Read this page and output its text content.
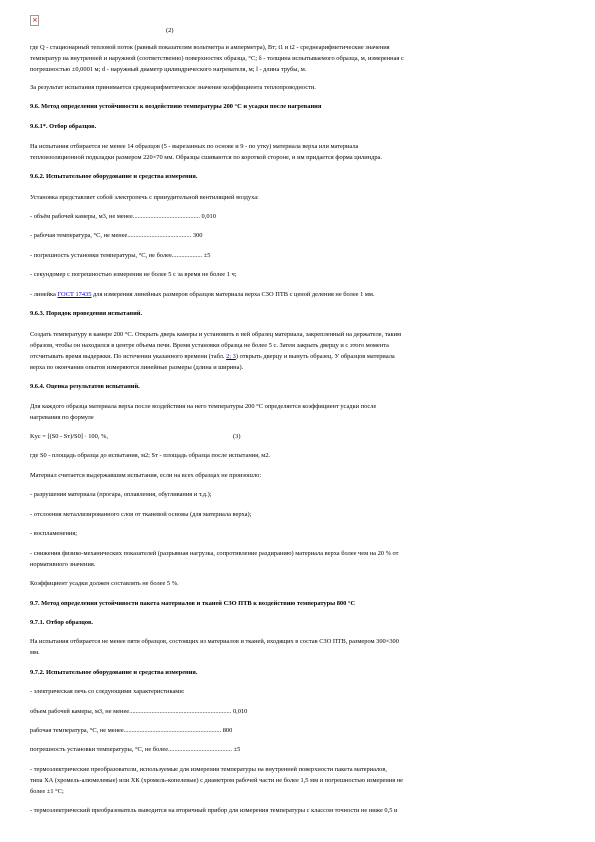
×
(2)
где Q - стационарный тепловой поток (равный показателям вольтметра и амперметра), Вт; t1 и t2 - среднеарифметические значения
температур на внутренней и наружной (соответственно) поверхностях образца, °С; δ - толщина испытываемого образца, м, измеренная с
погрешностью ±0,0001 м; d - наружный диаметр цилиндрического нагревателя, м; l - длина трубы, м.
За результат испытания принимается среднеарифметическое значение коэффициента теплопроводности.
9.6. Метод определения устойчивости к воздействию температуры 200 °С и усадки после нагревания
9.6.1*. Отбор образцов.
На испытания отбирается не менее 14 образцов (5 - вырезанных по основе и 9 - по утку) материала верха или материала
теплоизоляционной подкладки размером 220×70 мм. Образцы сшиваются по короткой стороне, и им придается форма цилиндра.
9.6.2. Испытательное оборудование и средства измерения.
Установка представляет собой электропечь с принудительной вентиляцией воздуха:
- объём рабочей камеры, м3, не менее.......................................... 0,010
- рабочая температура, °С, не менее........................................ 300
- погрешность установки температуры, °С, не более................... ±5
- секундомер с погрешностью измерения не более 5 с за время не более 1 ч;
- линейка ГОСТ 17435 для измерения линейных размеров образцов материала верха СЗО ПТВ с ценой деления не более 1 мм.
9.6.3. Порядок проведения испытаний.
Создать температуру в камере 200 °С. Открыть дверь камеры и установить в ней образец материала, закрепленный на держателе, таким
образом, чтобы он находился в центре объема печи. Время установки образца не более 5 с. Затем закрыть дверцу и с этого момента
отсчитывать время выдержки. По истечении указанного времени (табл. 2; 3) открыть дверцу и вынуть образец. У образцов материала
верха по окончании опытов измеряются линейные размеры (длина и ширина).
9.6.4. Оценка результатов испытаний.
Для каждого образца материала верха после воздействия на него температуры 200 °С определяется коэффициент усадки после
нагревания по формуле
Kус = [(S0 - Sт)/S0] · 100, %,	(3)
где S0 - площадь образца до испытания, м2; Sт - площадь образца после испытания, м2.
Материал считается выдержавшим испытания, если на всех образцах не произошло:
- разрушения материала (прогара, оплавления, обугливания и т.д.);
- отслоения металлизированного слоя от тканевой основы (для материала верха);
- воспламенения;
- снижения физико-механических показателей (разрывная нагрузка, сопротивление раздиранию) материала верха более чем на 20 % от
нормативного значения.
Коэффициент усадки должен составлять не более 5 %.
9.7. Метод определения устойчивости пакета материалов и тканей СЗО ПТВ к воздействию температуры 800 °С
9.7.1. Отбор образцов.
На испытания отбирается не менее пяти образцов, состоящих из материалов и тканей, входящих в состав СЗО ПТВ, размером 300×300
мм.
9.7.2. Испытательное оборудование и средства измерения.
- электрическая печь со следующими характеристиками:
объем рабочей камеры, м3, не менее................................................................ 0,010
рабочая температура, °С, не менее............................................................. 800
погрешность установки температуры, °С, не более........................................ ±5
- термоэлектрические преобразователи, используемые для измерения температуры на внутренней поверхности пакета материалов,
типа ХА (хромель-алюмелевые) или ХК (хромель-копелевые) с диаметром рабочей части не более 1,5 мм и погрешностью измерения не
более ±1 °С;
- термоэлектрический преобразователь выводится на вторичный прибор для измерения температуры с классом точности не ниже 0,5 и
